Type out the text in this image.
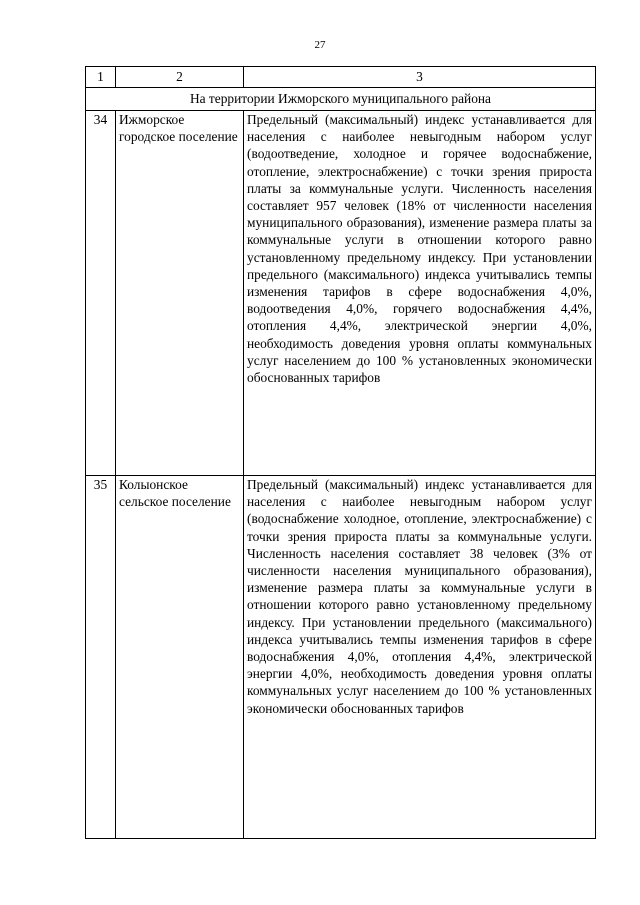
27
1	2	3
На территории Ижморского муниципального района		
34	Ижморское городское поселение	Предельный (максимальный) индекс устанавливается для населения с наиболее невыгодным набором услуг (водоотведение, холодное и горячее водоснабжение, отопление, электроснабжение) с точки зрения прироста платы за коммунальные услуги. Численность населения составляет 957 человек (18% от численности населения муниципального образования), изменение размера платы за коммунальные услуги в отношении которого равно установленному предельному индексу. При установлении предельного (максимального) индекса учитывались темпы изменения тарифов в сфере водоснабжения 4,0%, водоотведения 4,0%, горячего водоснабжения 4,4%, отопления 4,4%, электрической энергии 4,0%, необходимость доведения уровня оплаты коммунальных услуг населением до 100 % установленных экономически обоснованных тарифов
35	Колыонское сельское поселение	Предельный (максимальный) индекс устанавливается для населения с наиболее невыгодным набором услуг (водоснабжение холодное, отопление, электроснабжение) с точки зрения прироста платы за коммунальные услуги. Численность населения составляет 38 человек (3% от численности населения муниципального образования), изменение размера платы за коммунальные услуги в отношении которого равно установленному предельному индексу. При установлении предельного (максимального) индекса учитывались темпы изменения тарифов в сфере водоснабжения 4,0%, отопления 4,4%, электрической энергии 4,0%, необходимость доведения уровня оплаты коммунальных услуг населением до 100 % установленных экономически обоснованных тарифов
